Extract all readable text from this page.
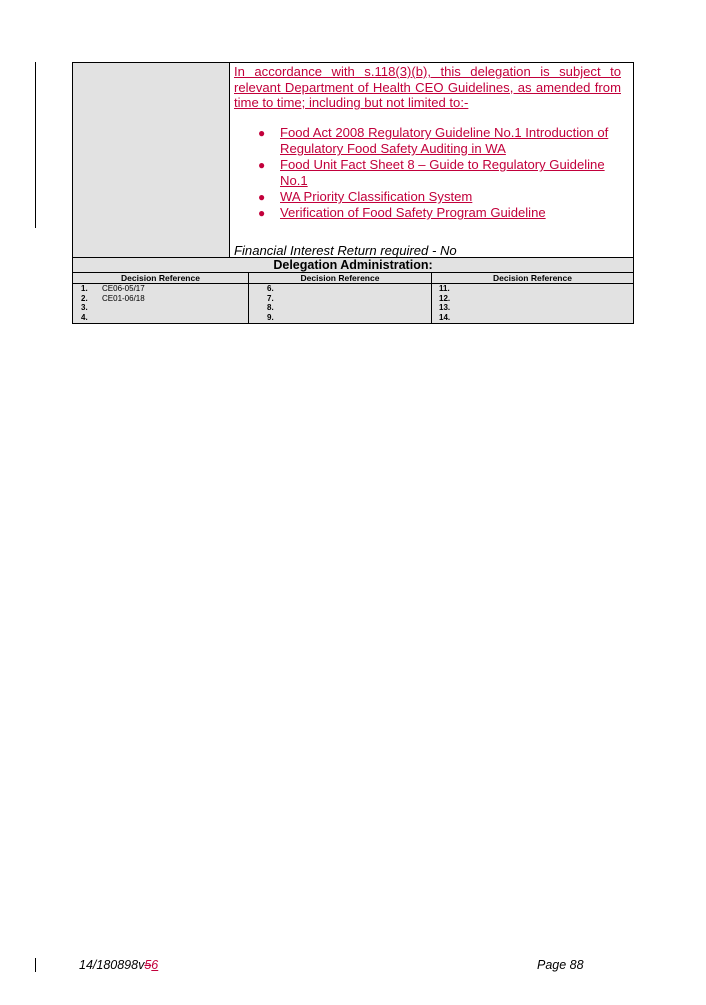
In accordance with s.118(3)(b), this delegation is subject to relevant Department of Health CEO Guidelines, as amended from time to time; including but not limited to:-

● Food Act 2008 Regulatory Guideline No.1 Introduction of Regulatory Food Safety Auditing in WA
● Food Unit Fact Sheet 8 – Guide to Regulatory Guideline No.1
● WA Priority Classification System
● Verification of Food Safety Program Guideline
Financial Interest Return required - No
Delegation Administration:
Decision Reference
1. CE06-05/17
2. CE01-06/18
3.
4.
Decision Reference
6.
7.
8.
9.
Decision Reference
11.
12.
13.
14.
14/180898v56	Page 88
